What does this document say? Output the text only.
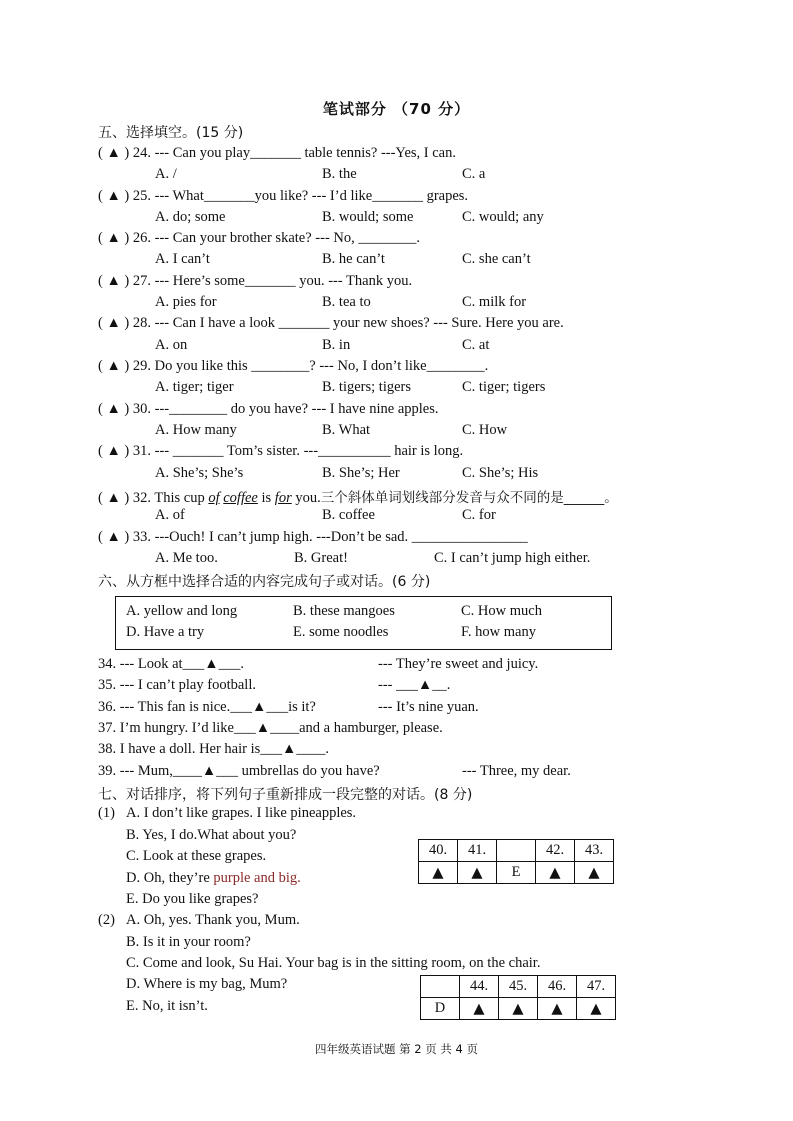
笔试部分 （70 分）
五、选择填空。(15 分)
( ▲ ) 24. --- Can you play_______ table tennis? ---Yes, I can.
A. /	B. the	C. a
( ▲ ) 25. --- What_______you like? --- I’d like_______ grapes.
A. do; some	B. would; some	C. would; any
( ▲ ) 26. --- Can your brother skate? --- No, ________.
A. I can’t	B. he can’t	C. she can’t
( ▲ ) 27. --- Here’s some_______ you. --- Thank you.
A. pies for	B. tea to	C. milk for
( ▲ ) 28. --- Can I have a look _______ your new shoes? --- Sure. Here you are.
A. on	B. in	C. at
( ▲ ) 29. Do you like this ________? --- No, I don’t like________.
A. tiger; tiger	B. tigers; tigers	C. tiger; tigers
( ▲ ) 30. ---________ do you have? --- I have nine apples.
A. How many	B. What	C. How
( ▲ ) 31. --- _______ Tom’s sister. ---__________ hair is long.
A. She’s; She’s	B. She’s; Her	C. She’s; His
( ▲ ) 32. This cup of coffee is for you.三个斜体单词划线部分发音与众不同的是______。
A. of	B. coffee	C. for
( ▲ ) 33. ---Ouch! I can’t jump high. ---Don’t be sad. ________________
A. Me too.	B. Great!	C. I can’t jump high either.
六、从方框中选择合适的内容完成句子或对话。(6 分)
A. yellow and long	B. these mangoes	C. How much
D. Have a try	E. some noodles	F. how many
34. --- Look at___▲___.	--- They’re sweet and juicy.
35. --- I can’t play football.	--- ___▲__.
36. --- This fan is nice.___▲___is it?	--- It’s nine yuan.
37. I’m hungry. I’d like___▲____and a hamburger, please.
38. I have a doll. Her hair is___▲____.
39. --- Mum,____▲___ umbrellas do you have?	--- Three, my dear.
七、对话排序，将下列句子重新排成一段完整的对话。(8 分)
(1) A. I don’t like grapes. I like pineapples.
B. Yes, I do.What about you?
C. Look at these grapes.
D. Oh, they’re purple and big.
E. Do you like grapes?
40.	41.		42.	43.
▲	▲	E	▲	▲
(2) A. Oh, yes. Thank you, Mum.
B. Is it in your room?
C. Come and look, Su Hai. Your bag is in the sitting room, on the chair.
D. Where is my bag, Mum?
E. No, it isn’t.
	44.	45.	46.	47.
D	▲	▲	▲	▲
四年级英语试题 第 2 页 共 4 页
